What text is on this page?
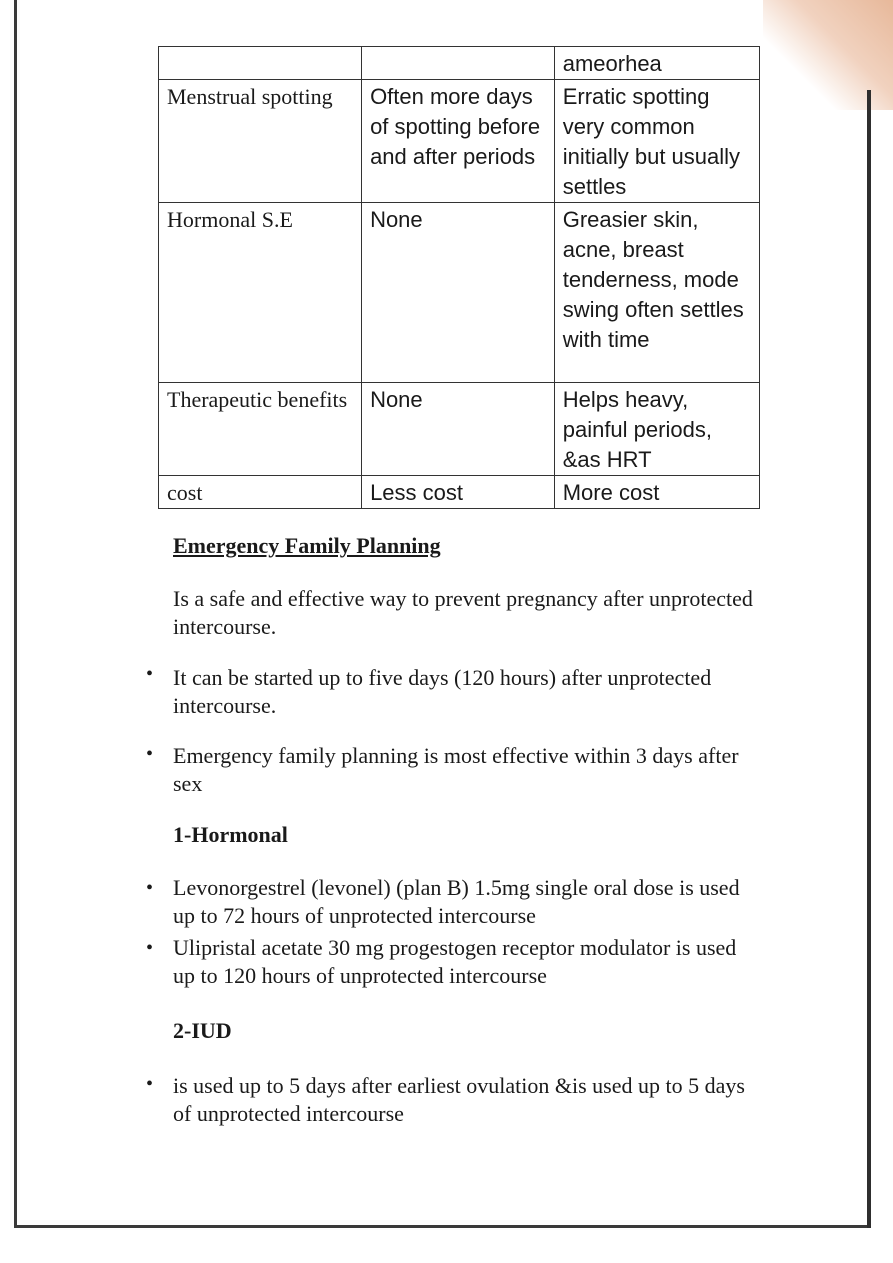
		ameorhea
Menstrual spotting	Often more days of spotting before and after periods	Erratic spotting very common initially but usually settles
Hormonal S.E	None	Greasier skin, acne, breast tenderness, mode swing often settles with time
Therapeutic benefits	None	Helps heavy, painful periods, &as HRT
cost	Less cost	More cost
Emergency Family Planning
Is a safe and effective way to prevent pregnancy after unprotected intercourse.
• It can be started up to five days (120 hours) after unprotected intercourse.
• Emergency family planning is most effective within 3 days after sex
1-Hormonal
• Levonorgestrel (levonel) (plan B) 1.5mg single oral dose is used up to 72 hours of unprotected intercourse
• Ulipristal acetate 30 mg progestogen receptor modulator is used up to 120 hours of unprotected intercourse
2-IUD
• is used up to 5 days after earliest ovulation &is used up to 5 days of unprotected intercourse
